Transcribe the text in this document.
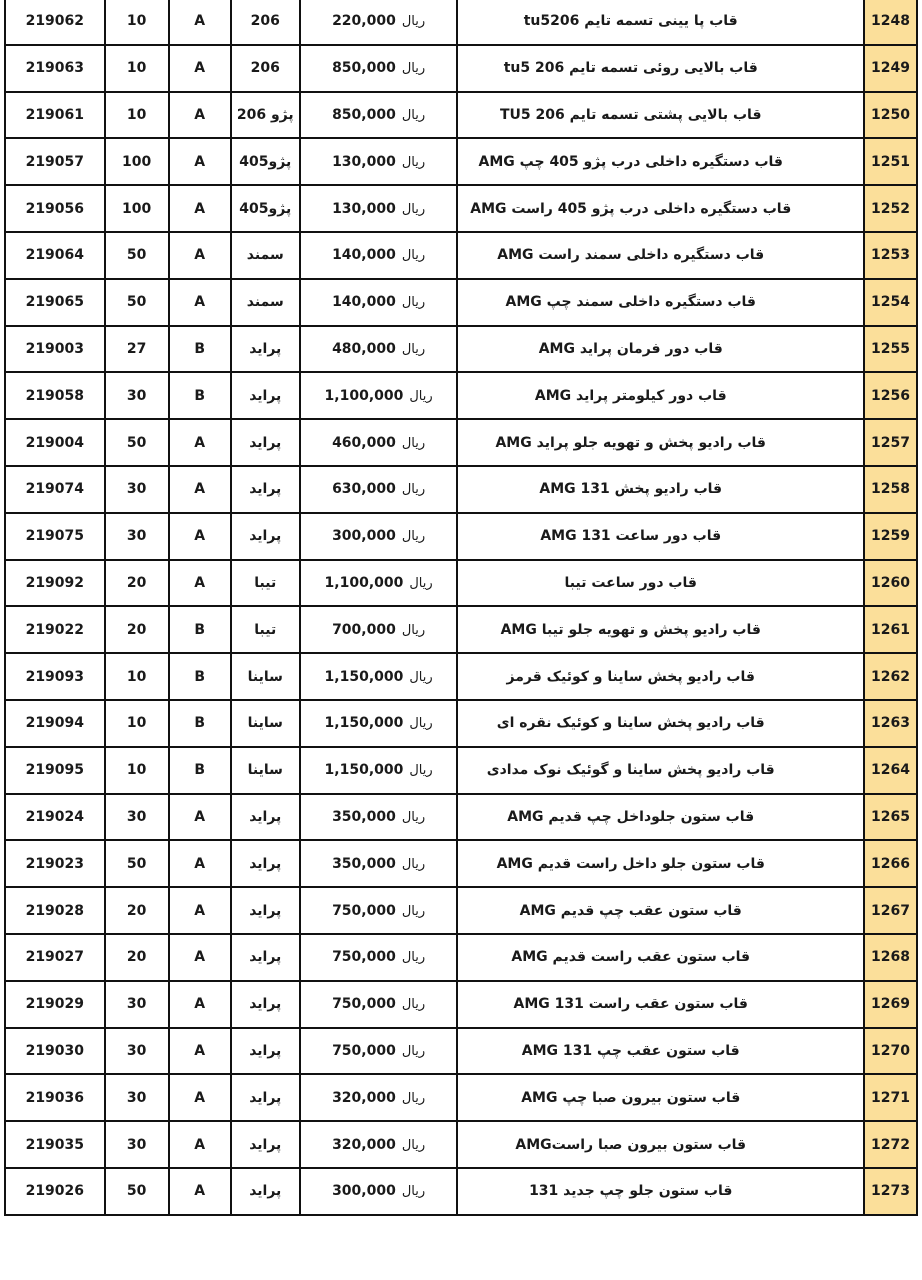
219062	10	A	206	220,000 ریال	قاب پا یینی تسمه تایم tu5206	1248
219063	10	A	206	850,000 ریال	قاب بالایی روئی تسمه تایم 206 tu5	1249
219061	10	A	پژو 206	850,000 ریال	قاب بالایی پشتی تسمه تایم TU5 206	1250
219057	100	A	پژو405	130,000 ریال	قاب دستگیره داخلی درب پژو 405 چپ AMG	1251
219056	100	A	پژو405	130,000 ریال	قاب دستگیره داخلی درب پژو 405 راست AMG	1252
219064	50	A	سمند	140,000 ریال	قاب دستگیره داخلی سمند راست AMG	1253
219065	50	A	سمند	140,000 ریال	قاب دستگیره داخلی سمند چپ AMG	1254
219003	27	B	پراید	480,000 ریال	قاب دور فرمان پراید AMG	1255
219058	30	B	پراید	1,100,000 ریال	قاب دور کیلومتر پراید AMG	1256
219004	50	A	پراید	460,000 ریال	قاب رادیو پخش و تهویه جلو پراید AMG	1257
219074	30	A	پراید	630,000 ریال	قاب رادیو پخش 131 AMG	1258
219075	30	A	پراید	300,000 ریال	قاب دور ساعت 131 AMG	1259
219092	20	A	تیبا	1,100,000 ریال	قاب دور ساعت تیبا	1260
219022	20	B	تیبا	700,000 ریال	قاب رادیو پخش و تهویه جلو تیبا AMG	1261
219093	10	B	ساینا	1,150,000 ریال	قاب رادیو پخش ساینا و کوئیک قرمز	1262
219094	10	B	ساینا	1,150,000 ریال	قاب رادیو پخش ساینا و کوئیک نقره ای	1263
219095	10	B	ساینا	1,150,000 ریال	قاب رادیو پخش ساینا و گوئیک نوک مدادی	1264
219024	30	A	پراید	350,000 ریال	قاب ستون جلوداخل چپ قدیم AMG	1265
219023	50	A	پراید	350,000 ریال	قاب ستون جلو داخل راست قدیم AMG	1266
219028	20	A	پراید	750,000 ریال	قاب ستون عقب چپ قدیم AMG	1267
219027	20	A	پراید	750,000 ریال	قاب ستون عقب راست قدیم AMG	1268
219029	30	A	پراید	750,000 ریال	قاب ستون عقب راست 131 AMG	1269
219030	30	A	پراید	750,000 ریال	قاب ستون عقب چپ 131 AMG	1270
219036	30	A	پراید	320,000 ریال	قاب ستون بیرون صبا چپ AMG	1271
219035	30	A	پراید	320,000 ریال	قاب ستون بیرون صبا راستAMG	1272
219026	50	A	پراید	300,000 ریال	قاب ستون جلو چپ جدید 131	1273
